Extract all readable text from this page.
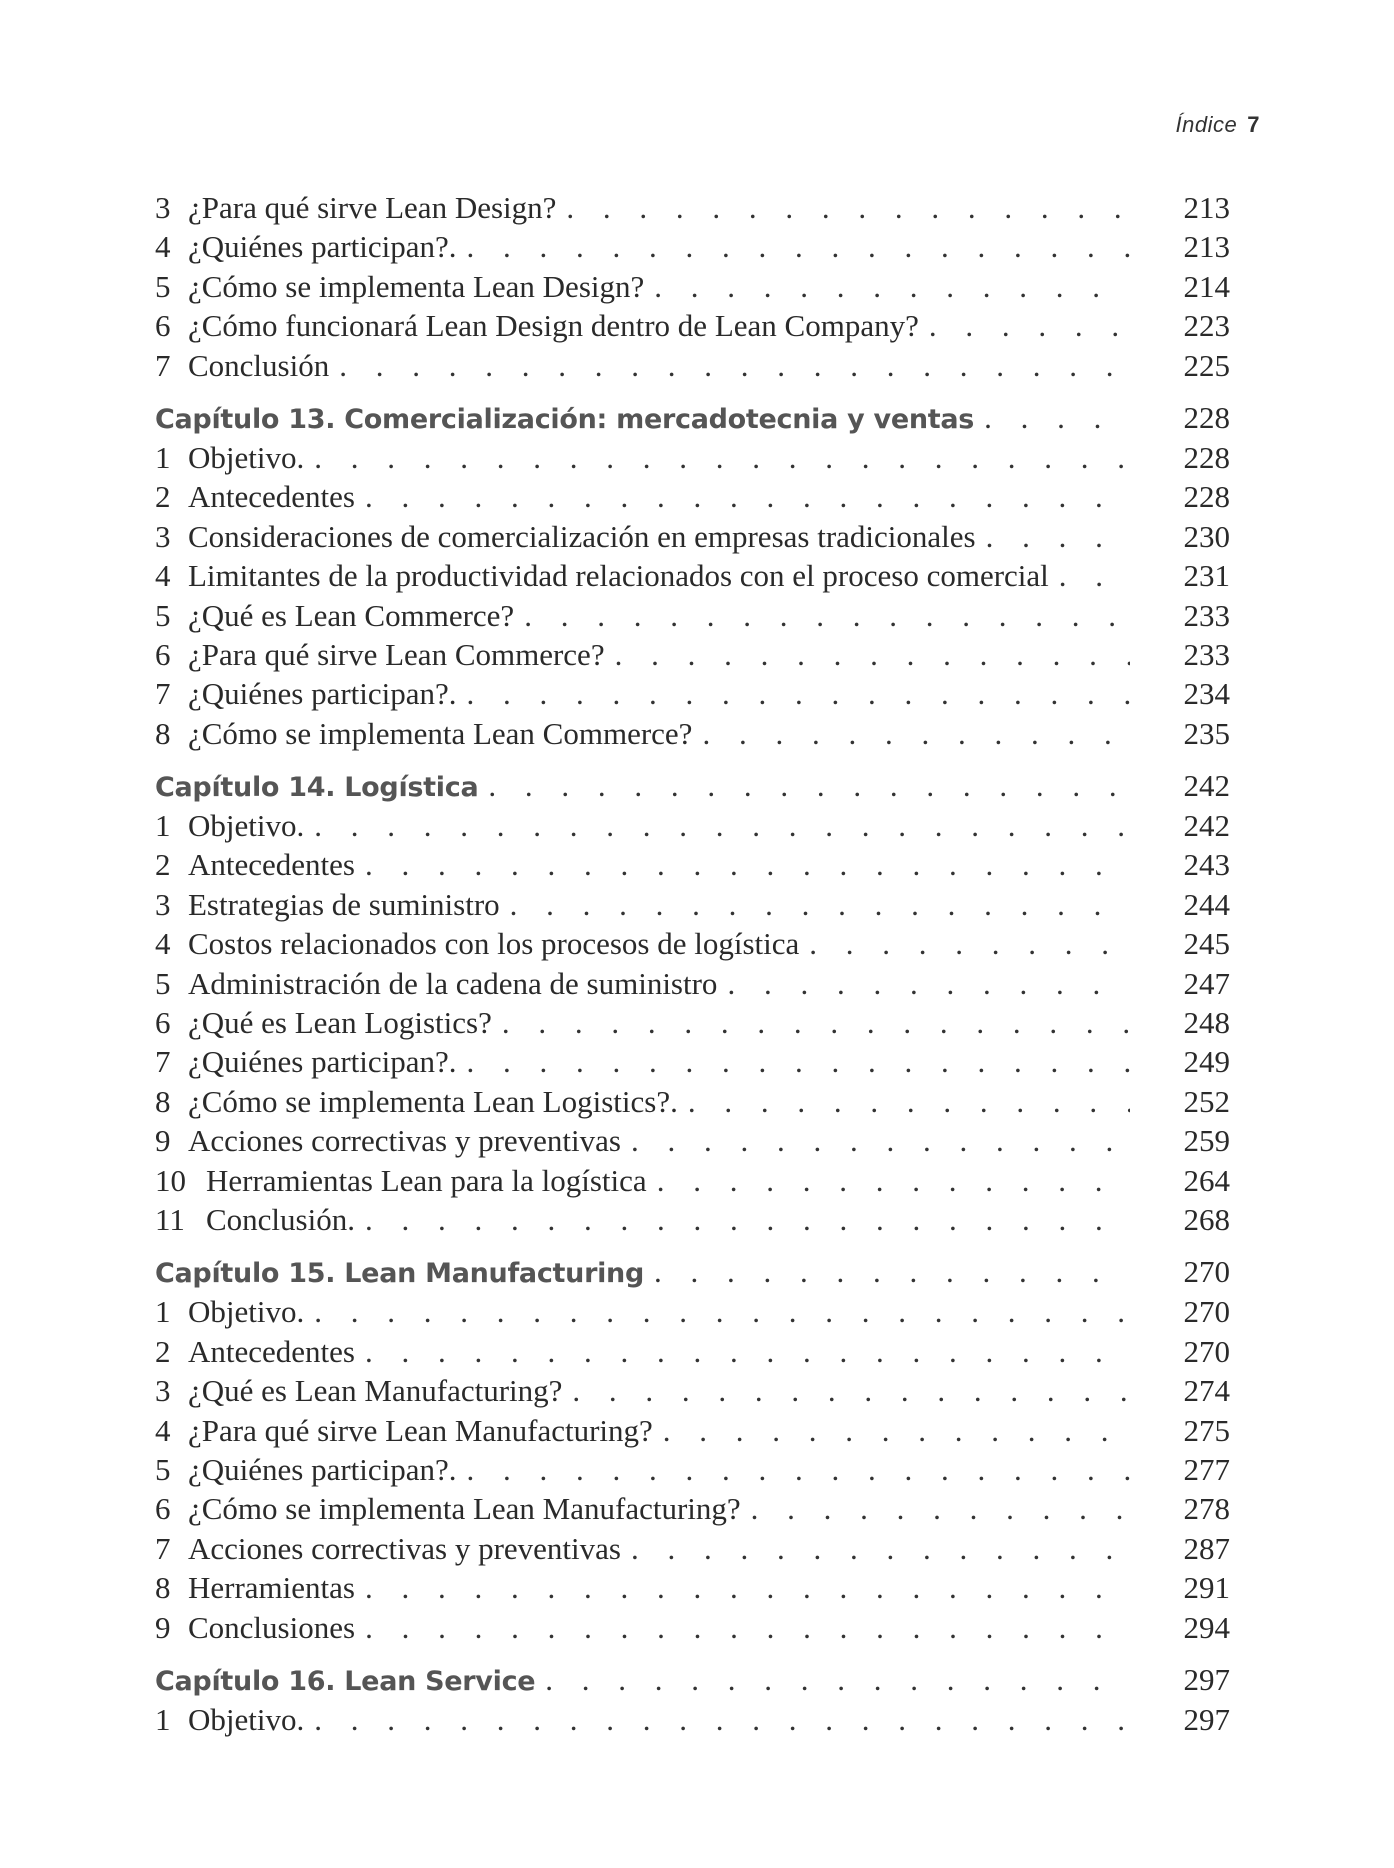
Índice 7
3 ¿Para qué sirve Lean Design? . . .	213
4 ¿Quiénes participan?. . . .	213
5 ¿Cómo se implementa Lean Design? . . .	214
6 ¿Cómo funcionará Lean Design dentro de Lean Company? . . .	223
7 Conclusión . . .	225
Capítulo 13. Comercialización: mercadotecnia y ventas . . .	228
1 Objetivo. . . .	228
2 Antecedentes . . .	228
3 Consideraciones de comercialización en empresas tradicionales . . .	230
4 Limitantes de la productividad relacionados con el proceso comercial . . .	231
5 ¿Qué es Lean Commerce? . . .	233
6 ¿Para qué sirve Lean Commerce? . . .	233
7 ¿Quiénes participan?. . . .	234
8 ¿Cómo se implementa Lean Commerce? . . .	235
Capítulo 14. Logística . . .	242
1 Objetivo. . . .	242
2 Antecedentes . . .	243
3 Estrategias de suministro . . .	244
4 Costos relacionados con los procesos de logística . . .	245
5 Administración de la cadena de suministro . . .	247
6 ¿Qué es Lean Logistics? . . .	248
7 ¿Quiénes participan?. . . .	249
8 ¿Cómo se implementa Lean Logistics?. . . .	252
9 Acciones correctivas y preventivas . . .	259
10 Herramientas Lean para la logística . . .	264
11 Conclusión. . . .	268
Capítulo 15. Lean Manufacturing . . .	270
1 Objetivo. . . .	270
2 Antecedentes . . .	270
3 ¿Qué es Lean Manufacturing? . . .	274
4 ¿Para qué sirve Lean Manufacturing? . . .	275
5 ¿Quiénes participan?. . . .	277
6 ¿Cómo se implementa Lean Manufacturing? . . .	278
7 Acciones correctivas y preventivas . . .	287
8 Herramientas . . .	291
9 Conclusiones . . .	294
Capítulo 16. Lean Service . . .	297
1 Objetivo. . . .	297
